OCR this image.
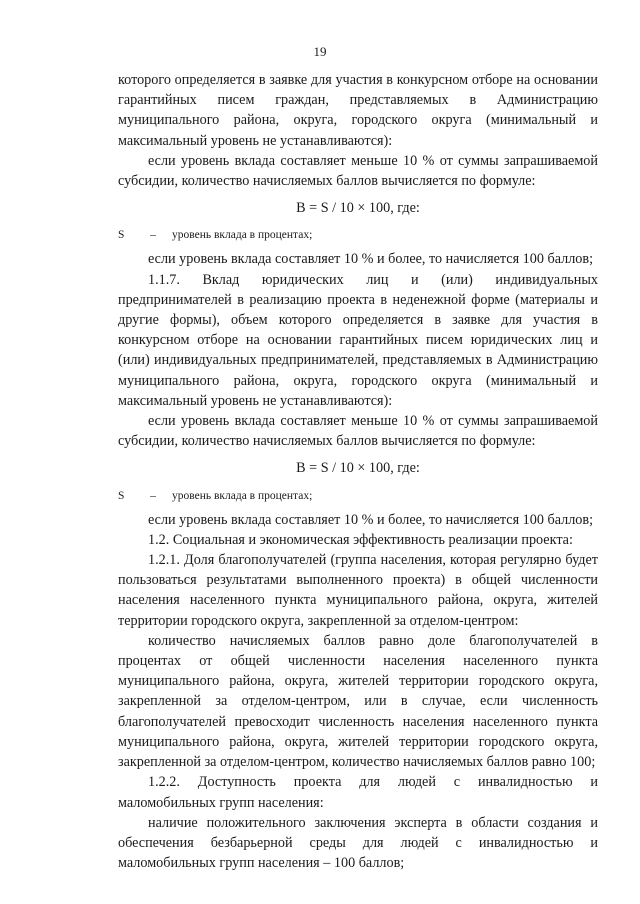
19

которого определяется в заявке для участия в конкурсном отборе на основании гарантийных писем граждан, представляемых в Администрацию муниципального района, округа, городского округа (минимальный и максимальный уровень не устанавливаются):

если уровень вклада составляет меньше 10 % от суммы запрашиваемой субсидии, количество начисляемых баллов вычисляется по формуле:

B = S / 10 × 100, где:

S	–	уровень вклада в процентах;

если уровень вклада составляет 10 % и более, то начисляется 100 баллов;

1.1.7. Вклад юридических лиц и (или) индивидуальных предпринимателей в реализацию проекта в неденежной форме (материалы и другие формы), объем которого определяется в заявке для участия в конкурсном отборе на основании гарантийных писем юридических лиц и (или) индивидуальных предпринимателей, представляемых в Администрацию муниципального района, округа, городского округа (минимальный и максимальный уровень не устанавливаются):

если уровень вклада составляет меньше 10 % от суммы запрашиваемой субсидии, количество начисляемых баллов вычисляется по формуле:

B = S / 10 × 100, где:

S	–	уровень вклада в процентах;

если уровень вклада составляет 10 % и более, то начисляется 100 баллов;

1.2. Социальная и экономическая эффективность реализации проекта:

1.2.1. Доля благополучателей (группа населения, которая регулярно будет пользоваться результатами выполненного проекта) в общей численности населения населенного пункта муниципального района, округа, жителей территории городского округа, закрепленной за отделом-центром:

количество начисляемых баллов равно доле благополучателей в процентах от общей численности населения населенного пункта муниципального района, округа, жителей территории городского округа, закрепленной за отделом-центром, или в случае, если численность благополучателей превосходит численность населения населенного пункта муниципального района, округа, жителей территории городского округа, закрепленной за отделом-центром, количество начисляемых баллов равно 100;

1.2.2. Доступность проекта для людей с инвалидностью и маломобильных групп населения:

наличие положительного заключения эксперта в области создания и обеспечения безбарьерной среды для людей с инвалидностью и маломобильных групп населения – 100 баллов;
